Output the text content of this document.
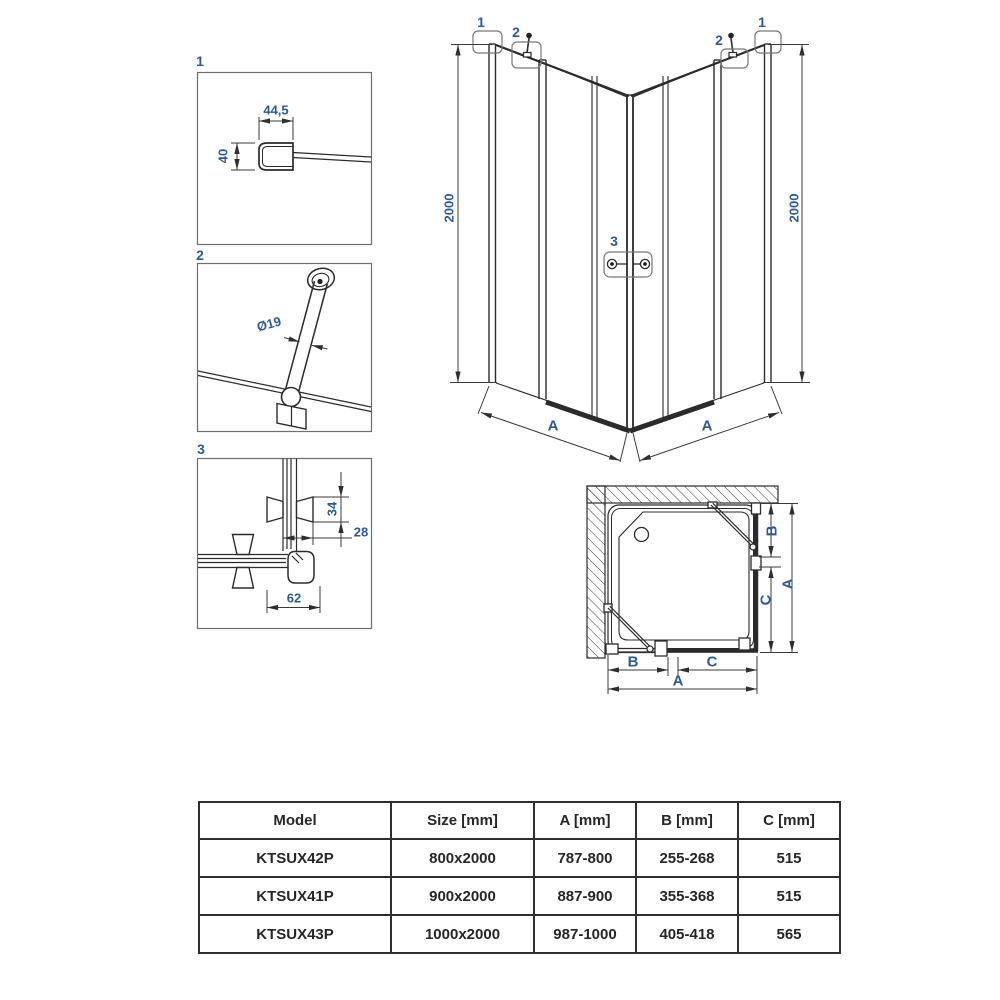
1
44,5
40
2
Ø19
3
34
28
62
1
2
1
2
3
2000	2000
A	A
B	C
A
B
C
A
Model	Size [mm]	A [mm]	B [mm]	C [mm]
KTSUX42P	800x2000	787-800	255-268	515
KTSUX41P	900x2000	887-900	355-368	515
KTSUX43P	1000x2000	987-1000	405-418	565
